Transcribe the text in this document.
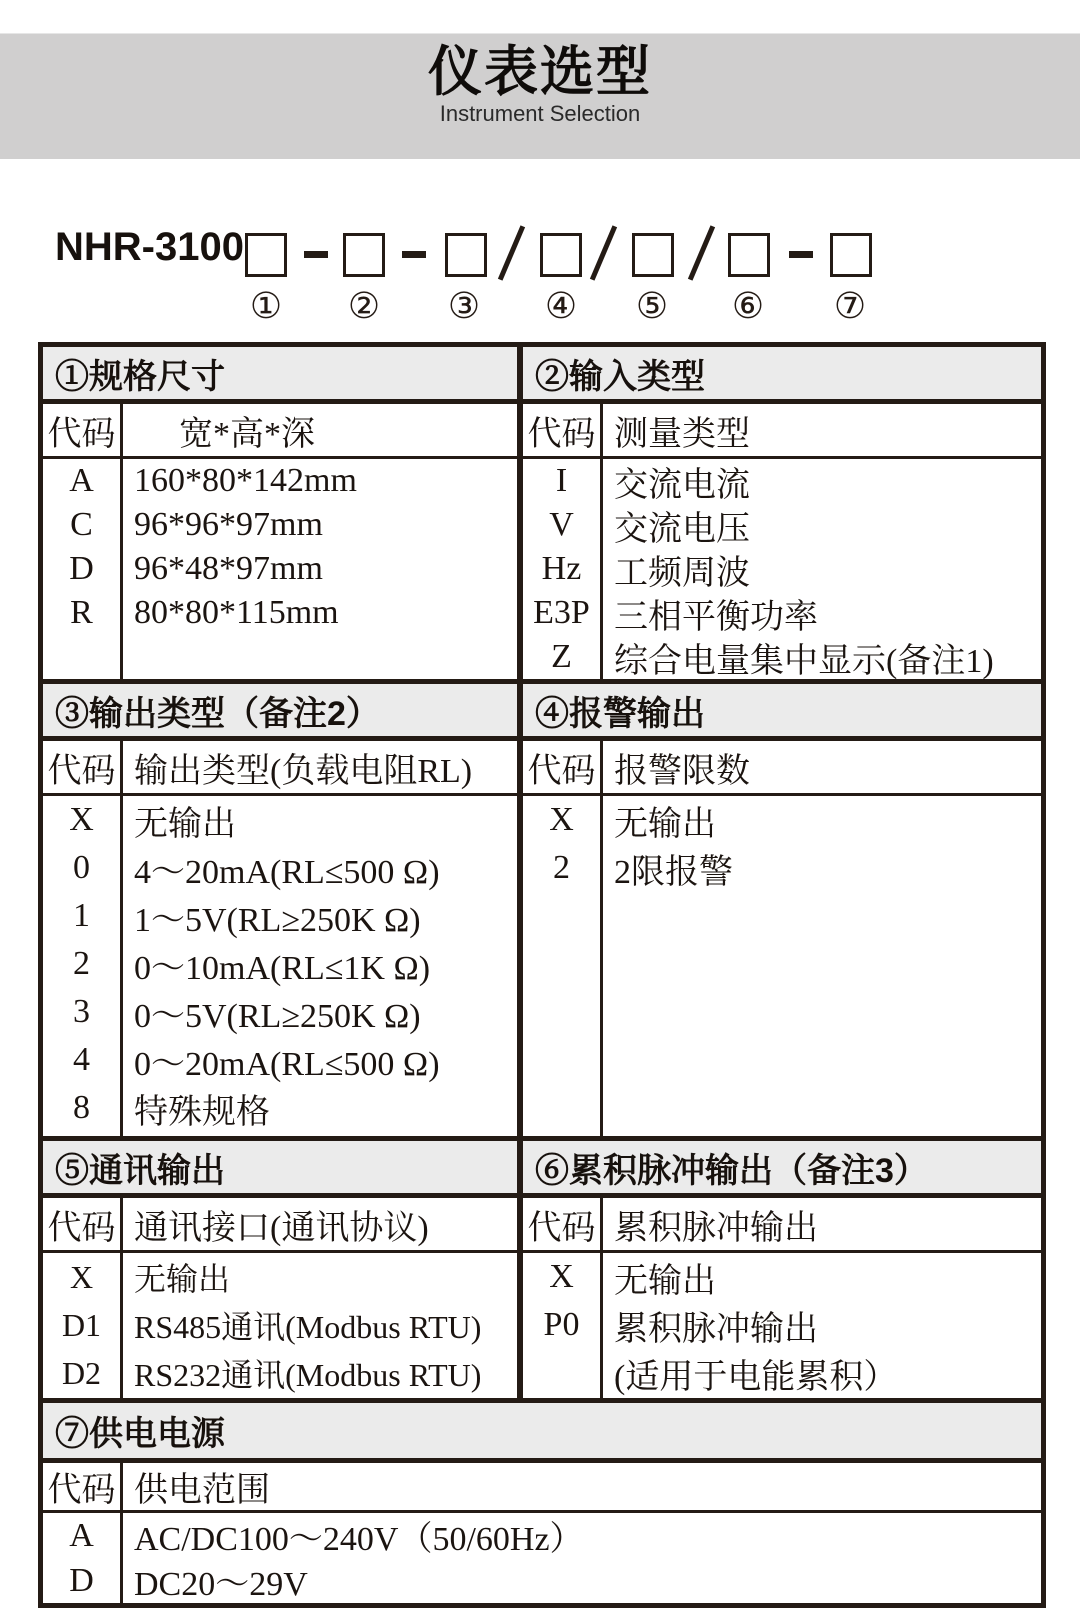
仪表选型
Instrument Selection
NHR-3100
① ② ③ ④ ⑤ ⑥ ⑦
①规格尺寸
代码	宽*高*深
A
C
D
R
160*80*142mm
96*96*97mm
96*48*97mm
80*80*115mm
③输出类型（备注2）
代码 输出类型(负载电阻RL)
X
0
1
2
3
4
8
无输出
4～20mA(RL≤500 Ω)
1～5V(RL≥250K Ω)
0～10mA(RL≤1K Ω)
0～5V(RL≥250K Ω)
0～20mA(RL≤500 Ω)
特殊规格
⑤通讯输出
代码 通讯接口(通讯协议)
X
D1
D2
无输出
RS485通讯(Modbus RTU)
RS232通讯(Modbus RTU)
②输入类型
代码 测量类型
I
V
Hz
E3P
Z
交流电流
交流电压
工频周波
三相平衡功率
综合电量集中显示(备注1)
④报警输出
代码 报警限数
X
2
无输出
2限报警
⑥累积脉冲输出（备注3）
代码 累积脉冲输出
X
P0
无输出
累积脉冲输出
(适用于电能累积）
⑦供电电源
代码 供电范围
A
D
AC/DC100～240V（50/60Hz）
DC20～29V
